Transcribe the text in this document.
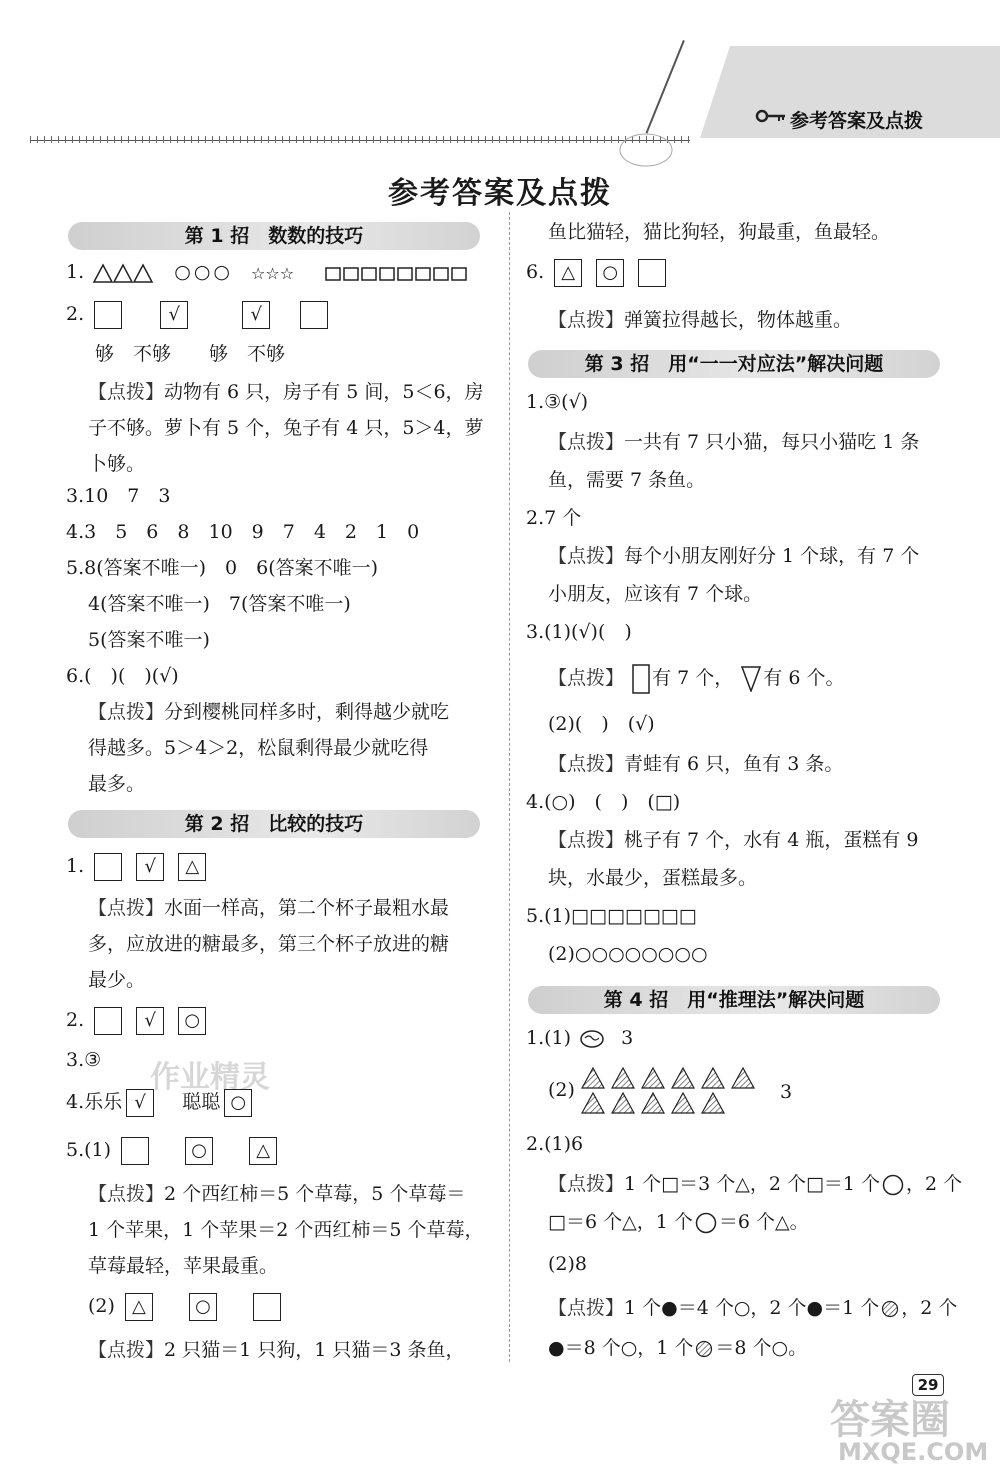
参考答案及点拨
参考答案及点拨
第 1 招　数数的技巧
1.	○○○ ☆☆☆

2.	√	√
够　不够　　够　不够
【点拨】动物有 6 只，房子有 5 间，5＜6，房
子不够。萝卜有 5 个，兔子有 4 只，5＞4，萝
卜够。
3.10　7　3
4.3　5　6　8　10　9　7　4　2　1　0
5.8(答案不唯一)　0　6(答案不唯一)
4(答案不唯一)　7(答案不唯一)
5(答案不唯一)
6.(　)(　)(√)
【点拨】分到樱桃同样多时，剩得越少就吃
得越多。5＞4＞2，松鼠剩得最少就吃得
最多。
第 2 招　比较的技巧
1.	√ △
【点拨】水面一样高，第二个杯子最粗水最
多，应放进的糖最多，第三个杯子放进的糖
最少。
2.	√ ○
3.③ 作业精灵
4.乐乐 √ 聪聪 ○
5.(1)	○	△
【点拨】2 个西红柿＝5 个草莓，5 个草莓＝
1 个苹果，1 个苹果＝2 个西红柿＝5 个草莓，
草莓最轻，苹果最重。
(2) △	○
【点拨】2 只猫＝1 只狗，1 只猫＝3 条鱼，
鱼比猫轻，猫比狗轻，狗最重，鱼最轻。
6. △ ○
【点拨】弹簧拉得越长，物体越重。
第 3 招　用“一一对应法”解决问题
1.③(√)
【点拨】一共有 7 只小猫，每只小猫吃 1 条
鱼，需要 7 条鱼。
2.7 个
【点拨】每个小朋友刚好分 1 个球，有 7 个
小朋友，应该有 7 个球。
3.(1)(√)(　)
【点拨】 有 7 个， 有 6 个。
(2)(　)　(√)
【点拨】青蛙有 6 只，鱼有 3 条。
4.(○)　(　)　(□)
【点拨】桃子有 7 个，水有 4 瓶，蛋糕有 9
块，水最少，蛋糕最多。
5.(1)□□□□□□□
(2)○○○○○○○○
第 4 招　用“推理法”解决问题
1.(1)	3
(2)	3
2.(1)6
【点拨】1 个□＝3 个△，2 个□＝1 个 ，2 个
□＝6 个△，1 个 ＝6 个△。
(2)8
【点拨】1 个●＝4 个○，2 个●＝1 个 ，2 个
●＝8 个○，1 个 ＝8 个○。
29
答案圈
MXQE.COM
